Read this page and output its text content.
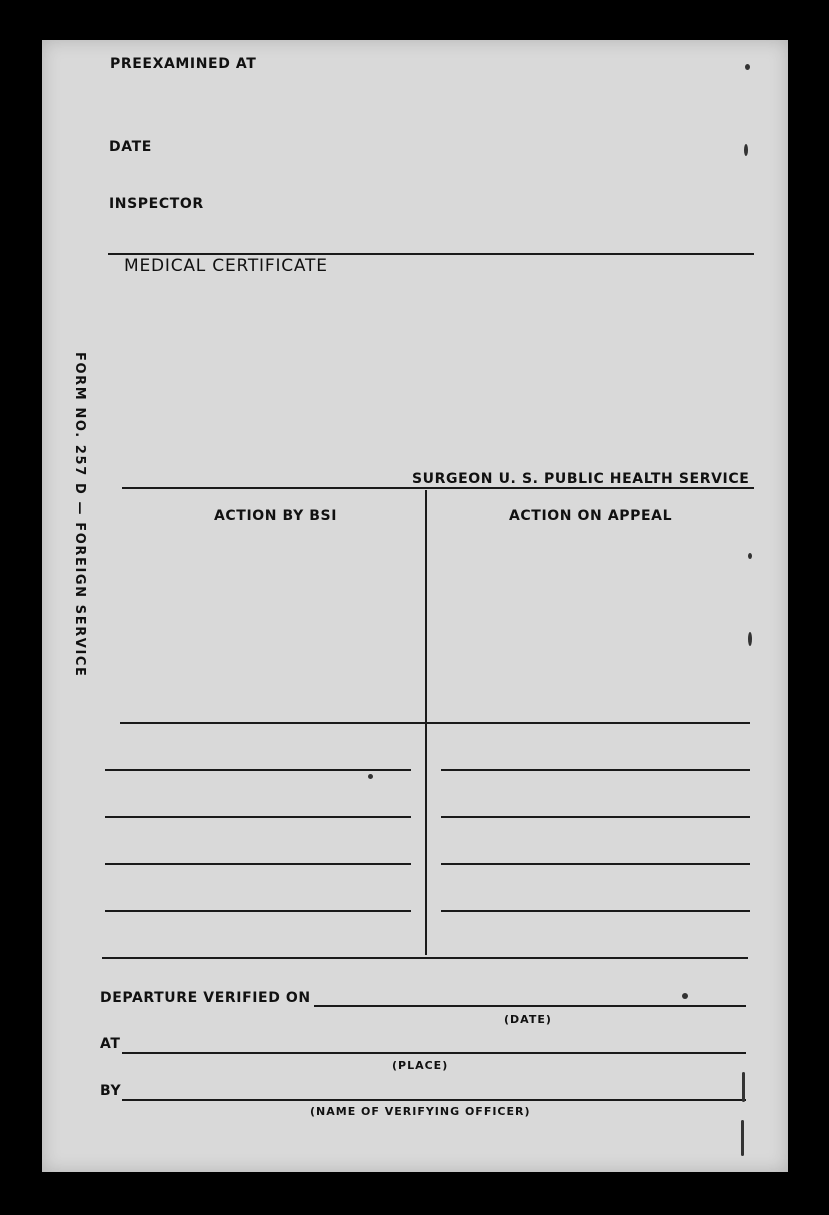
PREEXAMINED AT
DATE
INSPECTOR
MEDICAL CERTIFICATE
SURGEON U. S. PUBLIC HEALTH SERVICE
ACTION BY BSI	ACTION ON APPEAL
DEPARTURE VERIFIED ON
(DATE)
AT
(PLACE)
BY
(NAME OF VERIFYING OFFICER)
FORM NO. 257 D — FOREIGN SERVICE
